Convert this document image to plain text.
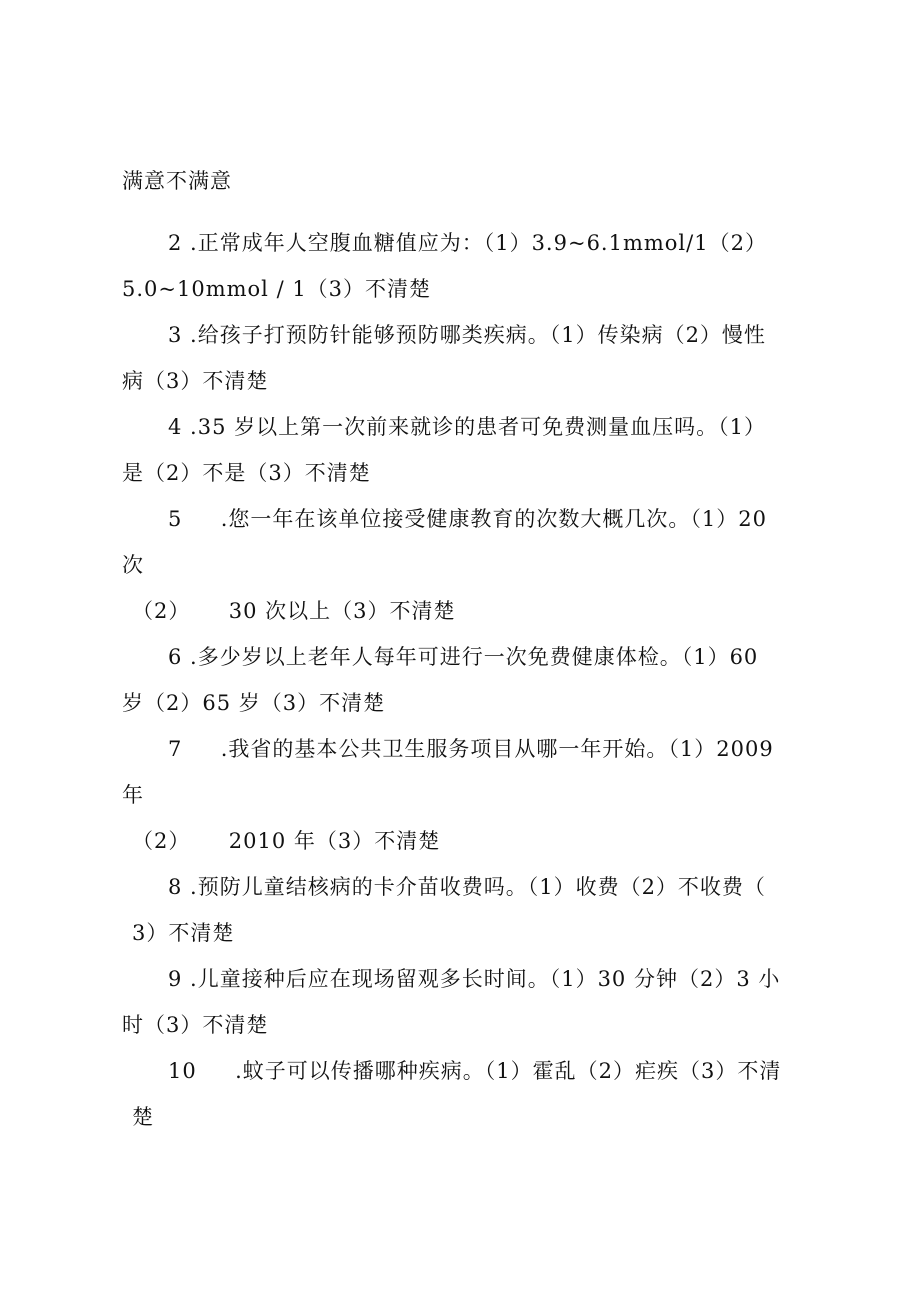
满意不满意
2 .正常成年人空腹血糖值应为：（1）3.9~6.1mmol/1（2）
5.0~10mmol / 1（3）不清楚
3 .给孩子打预防针能够预防哪类疾病。（1）传染病（2）慢性
病（3）不清楚
4 .35 岁以上第一次前来就诊的患者可免费测量血压吗。（1）
是（2）不是（3）不清楚
5     .您一年在该单位接受健康教育的次数大概几次。（1）20
次
（2）     30 次以上（3）不清楚
6 .多少岁以上老年人每年可进行一次免费健康体检。（1）60
岁（2）65 岁（3）不清楚
7     .我省的基本公共卫生服务项目从哪一年开始。（1）2009
年
（2）     2010 年（3）不清楚
8 .预防儿童结核病的卡介苗收费吗。（1）收费（2）不收费（
3）不清楚
9 .儿童接种后应在现场留观多长时间。（1）30 分钟（2）3 小
时（3）不清楚
10     .蚊子可以传播哪种疾病。（1）霍乱（2）疟疾（3）不清
楚
